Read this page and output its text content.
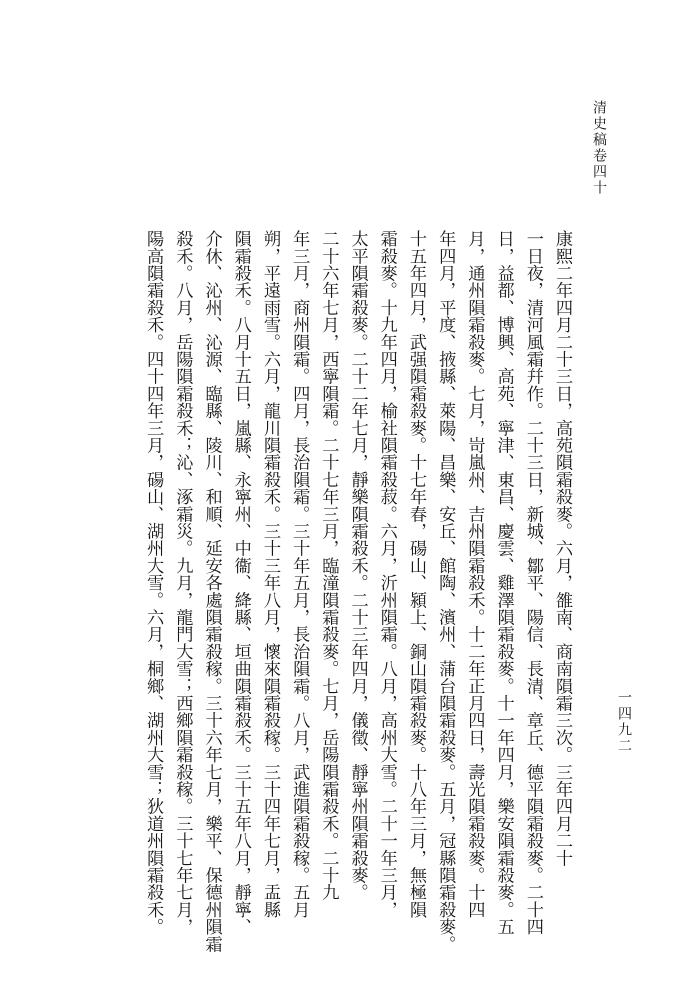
清史稿卷四十
一四九二
康熙二年四月二十三日，高苑隕霜殺麥。六月，雒南、商南隕霜三次。三年四月二十
一日夜，清河風霜幷作。二十三日，新城、鄒平、陽信、長清、章丘、德平隕霜殺麥。二十四
日，益都、博興、高苑、寧津、東昌、慶雲、雞澤隕霜殺麥。十一年四月，樂安隕霜殺麥。五
月，通州隕霜殺麥。七月，岢嵐州、吉州隕霜殺禾。十二年正月四日，壽光隕霜殺麥。十四
年四月，平度、掖縣、萊陽、昌樂、安丘、館陶、濱州、蒲台隕霜殺麥。五月，冠縣隕霜殺麥。
十五年四月，武强隕霜殺麥。十七年春，碭山、潁上、銅山隕霜殺麥。十八年三月，無極隕
霜殺麥。十九年四月，榆社隕霜殺菽。六月，沂州隕霜。八月，高州大雪。二十一年三月，
太平隕霜殺麥。二十二年七月，靜樂隕霜殺禾。二十三年四月，儀徵、靜寧州隕霜殺麥。
二十六年七月，西寧隕霜。二十七年三月，臨潼隕霜殺麥。七月，岳陽隕霜殺禾。二十九
年三月，商州隕霜。四月，長治隕霜。三十年五月，長治隕霜。八月，武進隕霜殺稼。五月
朔，平遠雨雪。六月，龍川隕霜殺禾。三十三年八月，懷來隕霜殺稼。三十四年七月，盂縣
隕霜殺禾。八月十五日，嵐縣、永寧州、中衞、絳縣、垣曲隕霜殺禾。三十五年八月，靜寧、
介休、沁州、沁源、臨縣、陵川、和順、延安各處隕霜殺稼。三十六年七月，樂平、保德州隕霜
殺禾。八月，岳陽隕霜殺禾；沁、涿霜災。九月，龍門大雪；西鄉隕霜殺稼。三十七年七月，
陽高隕霜殺禾。四十四年三月，碭山、湖州大雪。六月，桐鄉、湖州大雪；狄道州隕霜殺禾。
